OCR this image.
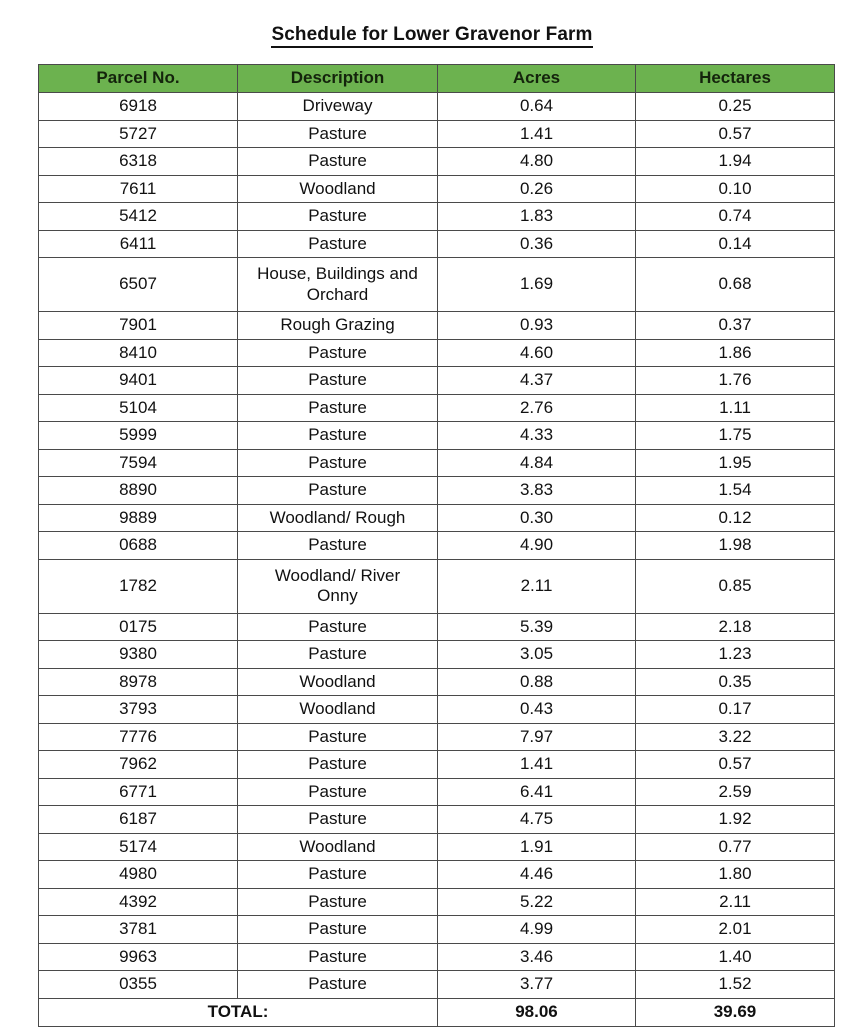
Schedule for Lower Gravenor Farm
Parcel No.	Description	Acres	Hectares
6918	Driveway	0.64	0.25
5727	Pasture	1.41	0.57
6318	Pasture	4.80	1.94
7611	Woodland	0.26	0.10
5412	Pasture	1.83	0.74
6411	Pasture	0.36	0.14
6507	House, Buildings and
Orchard	1.69	0.68
7901	Rough Grazing	0.93	0.37
8410	Pasture	4.60	1.86
9401	Pasture	4.37	1.76
5104	Pasture	2.76	1.11
5999	Pasture	4.33	1.75
7594	Pasture	4.84	1.95
8890	Pasture	3.83	1.54
9889	Woodland/ Rough	0.30	0.12
0688	Pasture	4.90	1.98
1782	Woodland/ River
Onny	2.11	0.85
0175	Pasture	5.39	2.18
9380	Pasture	3.05	1.23
8978	Woodland	0.88	0.35
3793	Woodland	0.43	0.17
7776	Pasture	7.97	3.22
7962	Pasture	1.41	0.57
6771	Pasture	6.41	2.59
6187	Pasture	4.75	1.92
5174	Woodland	1.91	0.77
4980	Pasture	4.46	1.80
4392	Pasture	5.22	2.11
3781	Pasture	4.99	2.01
9963	Pasture	3.46	1.40
0355	Pasture	3.77	1.52
TOTAL:		98.06	39.69
